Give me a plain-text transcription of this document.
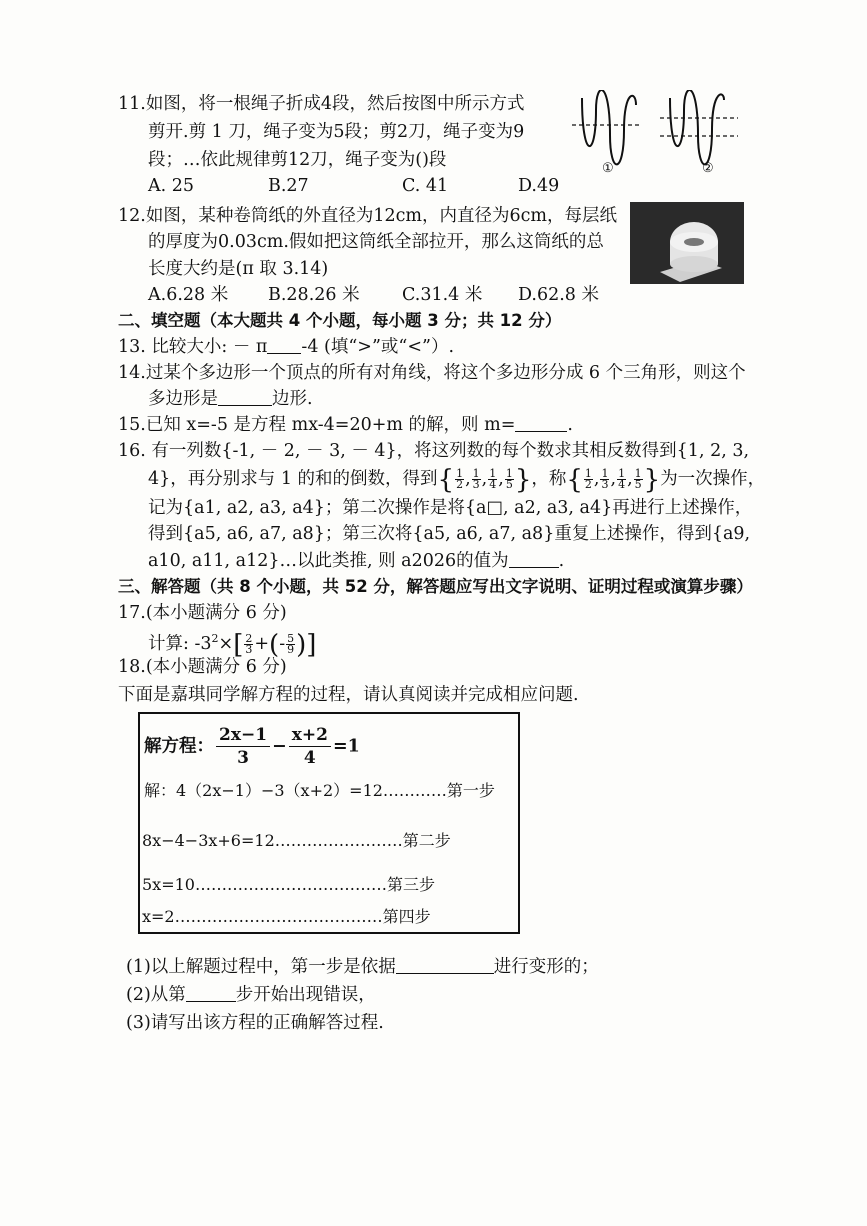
11.如图，将一根绳子折成4段，然后按图中所示方式
剪开.剪 1 刀，绳子变为5段；剪2刀，绳子变为9
段；…依此规律剪12刀，绳子变为()段
A. 25	B.27	C. 41	D.49
①	②
12.如图，某种卷筒纸的外直径为12cm，内直径为6cm，每层纸
的厚度为0.03cm.假如把这筒纸全部拉开，那么这筒纸的总
长度大约是(π 取 3.14)
A.6.28 米 B.28.26 米 C.31.4 米 D.62.8 米
二、填空题（本大题共 4 个小题，每小题 3 分；共 12 分）
13. 比较大小: － π -4 (填“>”或“<”）.
14.过某个多边形一个顶点的所有对角线，将这个多边形分成 6 个三角形，则这个
多边形是	边形.
15.已知 x=-5 是方程 mx-4=20+m 的解，则 m=	.
16. 有一列数{-1, － 2, － 3, － 4}，将这列数的每个数求其相反数得到{1, 2, 3,
4}，再分别求与 1 的和的倒数，得到{ $\frac{1}{2}$ , $\frac{1}{3}$ , $\frac{1}{4}$ , $\frac{1}{5}$ }，称{ $\frac{1}{2}$ , $\frac{1}{3}$ , $\frac{1}{4}$ , $\frac{1}{5}$ }为一次操作，
记为{a1, a2, a3, a4}；第二次操作是将{a□, a2, a3, a4}再进行上述操作，
得到{a5, a6, a7, a8}；第三次将{a5, a6, a7, a8}重复上述操作，得到{a9,
a10, a11, a12}…以此类推, 则 a2026的值为	.
三、解答题（共 8 个小题，共 52 分，解答题应写出文字说明、证明过程或演算步骤）
17.(本小题满分 6 分)
计算: $-3^2\times[ \frac{2}{3}$ +(- $\frac{5}{9}$ )]
18.(本小题满分 6 分)
下面是嘉琪同学解方程的过程，请认真阅读并完成相应问题.
解方程： $\frac{2x-1}{3} - \frac{x+2}{4} =1$
解：4（2x−1）−3（x+2）=12…………第一步
8x−4−3x+6=12……………………第二步
5x=10………………………………第三步
x=2…………………………………第四步
(1)以上解题过程中，第一步是依据	进行变形的；
(2)从第	步开始出现错误，
(3)请写出该方程的正确解答过程.
